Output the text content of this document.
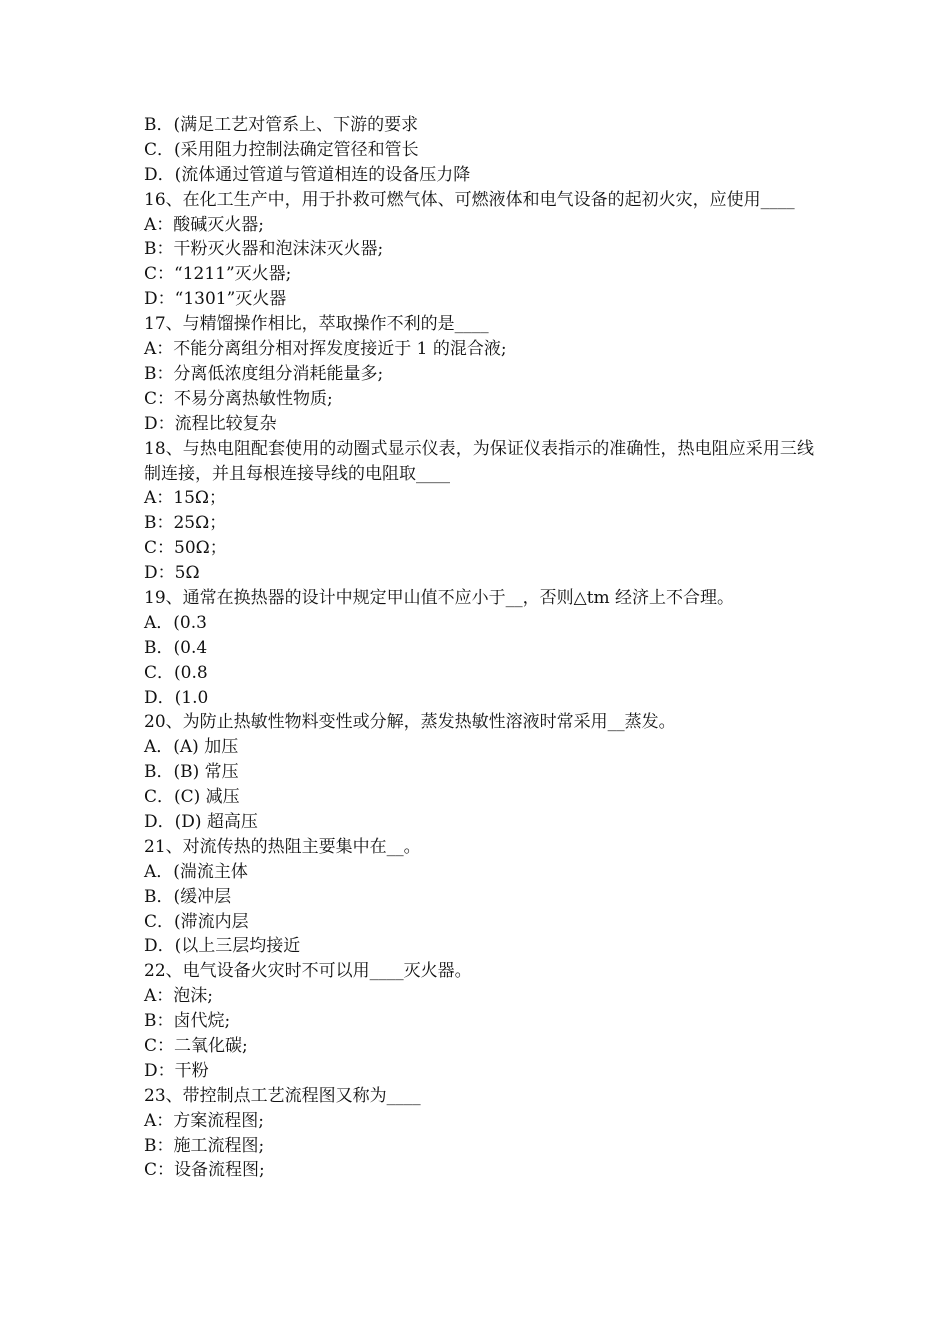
B．(满足工艺对管系上、下游的要求

C．(采用阻力控制法确定管径和管长

D．(流体通过管道与管道相连的设备压力降

16、在化工生产中，用于扑救可燃气体、可燃液体和电气设备的起初火灾，应使用____

A：酸碱灭火器;

B：干粉灭火器和泡沫沫灭火器;

C：“1211”灭火器;

D：“1301”灭火器

17、与精馏操作相比，萃取操作不利的是____

A：不能分离组分相对挥发度接近于 1 的混合液;

B：分离低浓度组分消耗能量多;

C：不易分离热敏性物质;

D：流程比较复杂

18、与热电阻配套使用的动圈式显示仪表，为保证仪表指示的准确性，热电阻应采用三线制连接，并且每根连接导线的电阻取____

A：15Ω；

B：25Ω；

C：50Ω；

D：5Ω

19、通常在换热器的设计中规定甲山值不应小于__，否则△tm 经济上不合理。

A．(0.3

B．(0.4

C．(0.8

D．(1.0

20、为防止热敏性物料变性或分解，蒸发热敏性溶液时常采用__蒸发。

A．(A) 加压

B．(B) 常压

C．(C) 减压

D．(D) 超高压

21、对流传热的热阻主要集中在__。

A．(湍流主体

B．(缓冲层

C．(滞流内层

D．(以上三层均接近

22、电气设备火灾时不可以用____灭火器。

A：泡沫;

B：卤代烷;

C：二氧化碳;

D：干粉

23、带控制点工艺流程图又称为____

A：方案流程图;

B：施工流程图;

C：设备流程图;
